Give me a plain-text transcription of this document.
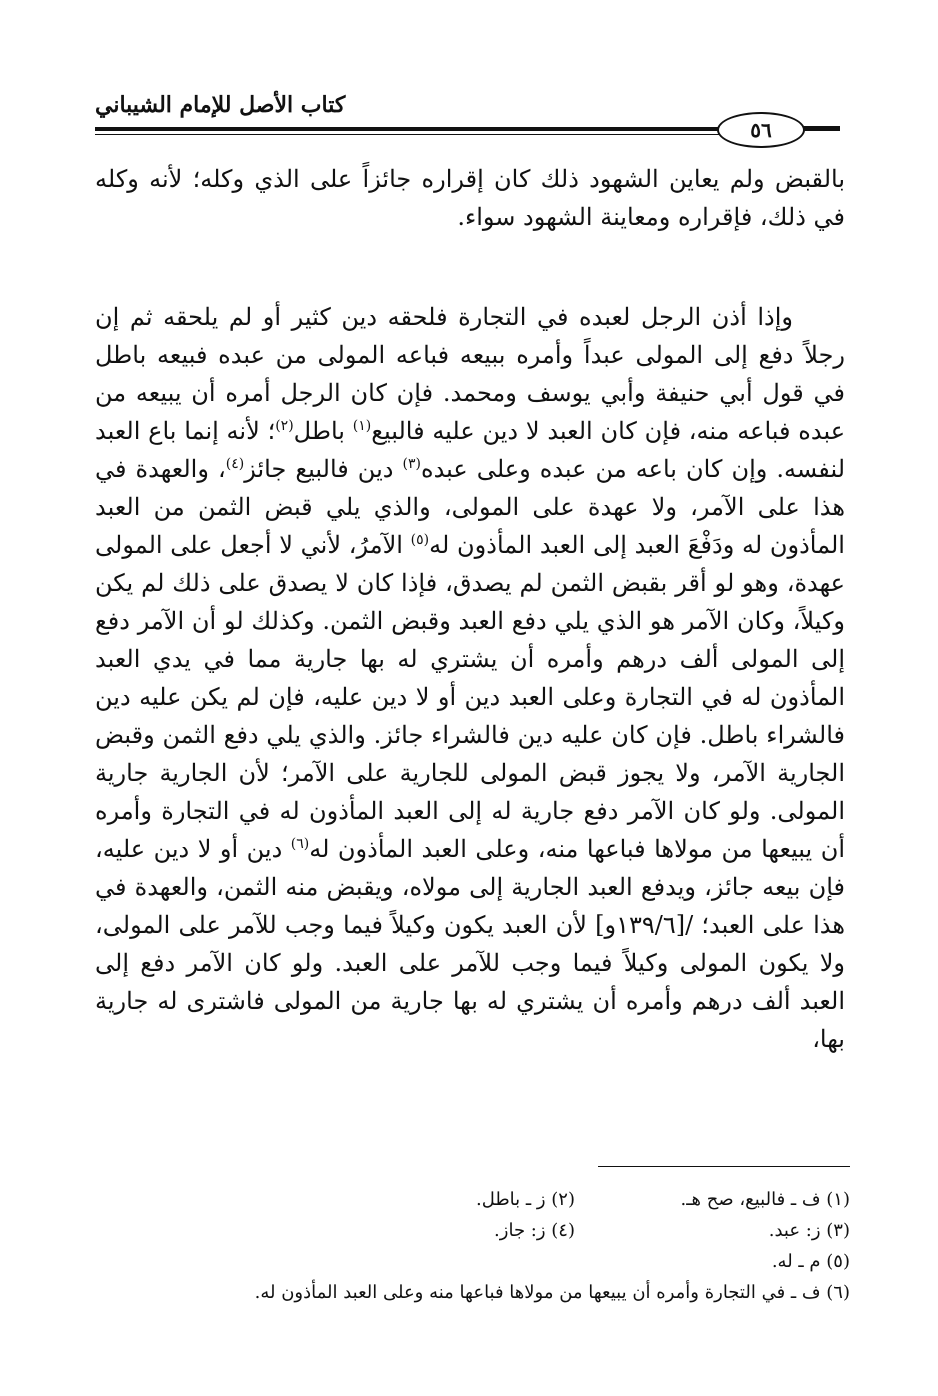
كتاب الأصل للإمام الشيباني
٥٦

بالقبض ولم يعاين الشهود ذلك كان إقراره جائزاً على الذي وكله؛ لأنه وكله في ذلك، فإقراره ومعاينة الشهود سواء.

وإذا أذن الرجل لعبده في التجارة فلحقه دين كثير أو لم يلحقه ثم إن رجلاً دفع إلى المولى عبداً وأمره ببيعه فباعه المولى من عبده فبيعه باطل في قول أبي حنيفة وأبي يوسف ومحمد. فإن كان الرجل أمره أن يبيعه من عبده فباعه منه، فإن كان العبد لا دين عليه فالبيع$^{(١)}$ باطل$^{(٢)}$؛ لأنه إنما باع العبد لنفسه. وإن كان باعه من عبده وعلى عبده$^{(٣)}$ دين فالبيع جائز$^{(٤)}$، والعهدة في هذا على الآمر، ولا عهدة على المولى، والذي يلي قبض الثمن من العبد المأذون له ودَفْعَ العبد إلى العبد المأذون له$^{(٥)}$ الآمرُ، لأني لا أجعل على المولى عهدة، وهو لو أقر بقبض الثمن لم يصدق، فإذا كان لا يصدق على ذلك لم يكن وكيلاً، وكان الآمر هو الذي يلي دفع العبد وقبض الثمن. وكذلك لو أن الآمر دفع إلى المولى ألف درهم وأمره أن يشتري له بها جارية مما في يدي العبد المأذون له في التجارة وعلى العبد دين أو لا دين عليه، فإن لم يكن عليه دين فالشراء باطل. فإن كان عليه دين فالشراء جائز. والذي يلي دفع الثمن وقبض الجارية الآمر، ولا يجوز قبض المولى للجارية على الآمر؛ لأن الجارية جارية المولى. ولو كان الآمر دفع جارية له إلى العبد المأذون له في التجارة وأمره أن يبيعها من مولاها فباعها منه، وعلى العبد المأذون له$^{(٦)}$ دين أو لا دين عليه، فإن بيعه جائز، ويدفع العبد الجارية إلى مولاه، ويقبض منه الثمن، والعهدة في هذا على العبد؛ /[١٣٩/٦و] لأن العبد يكون وكيلاً فيما وجب للآمر على المولى، ولا يكون المولى وكيلاً فيما وجب للآمر على العبد. ولو كان الآمر دفع إلى العبد ألف درهم وأمره أن يشتري له بها جارية من المولى فاشترى له جارية بها،

(١) ف ـ فالبيع، صح هـ.
(٢) ز ـ باطل.
(٣) ز: عبد.
(٤) ز: جاز.
(٥) م ـ له.
(٦) ف ـ في التجارة وأمره أن يبيعها من مولاها فباعها منه وعلى العبد المأذون له.
